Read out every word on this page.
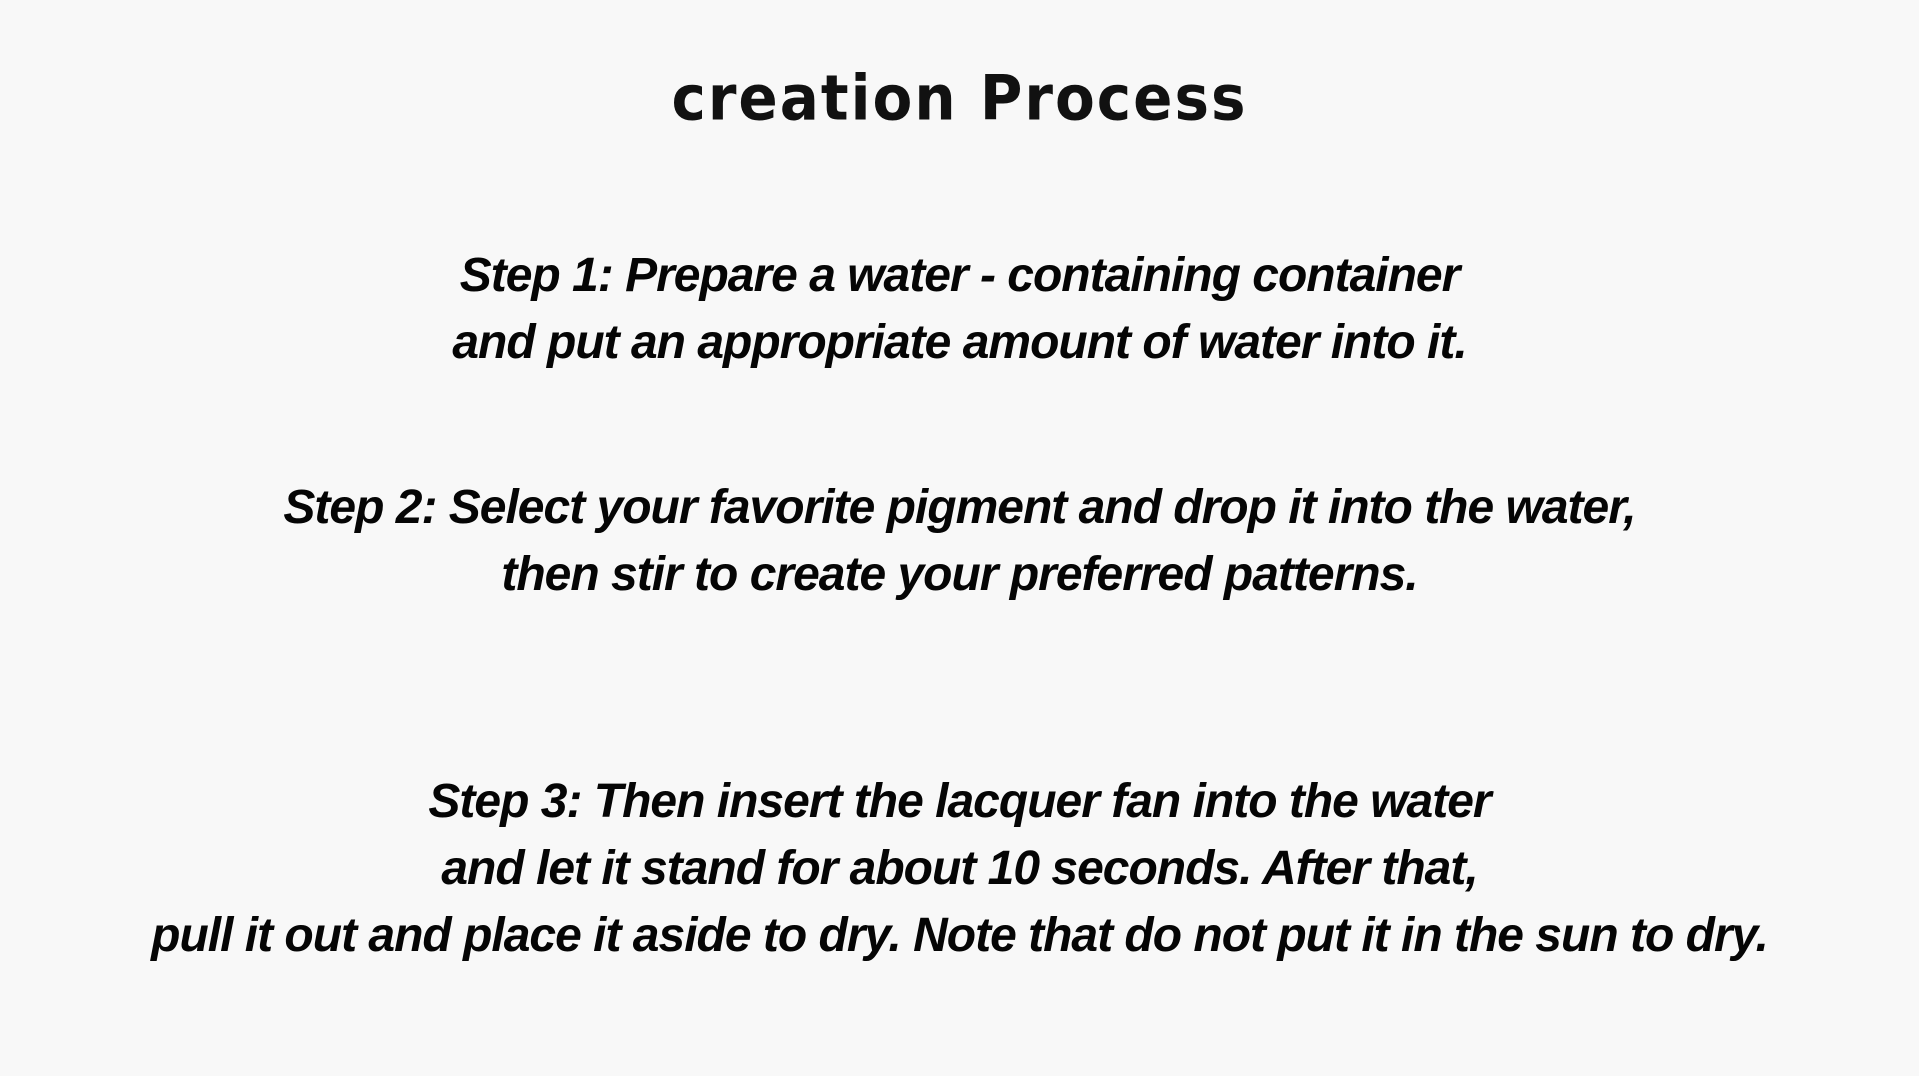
creation Process
Step 1: Prepare a water - containing container
and put an appropriate amount of water into it.
Step 2: Select your favorite pigment and drop it into the water,
then stir to create your preferred patterns.
Step 3: Then insert the lacquer fan into the water
and let it stand for about 10 seconds. After that,
pull it out and place it aside to dry. Note that do not put it in the sun to dry.
